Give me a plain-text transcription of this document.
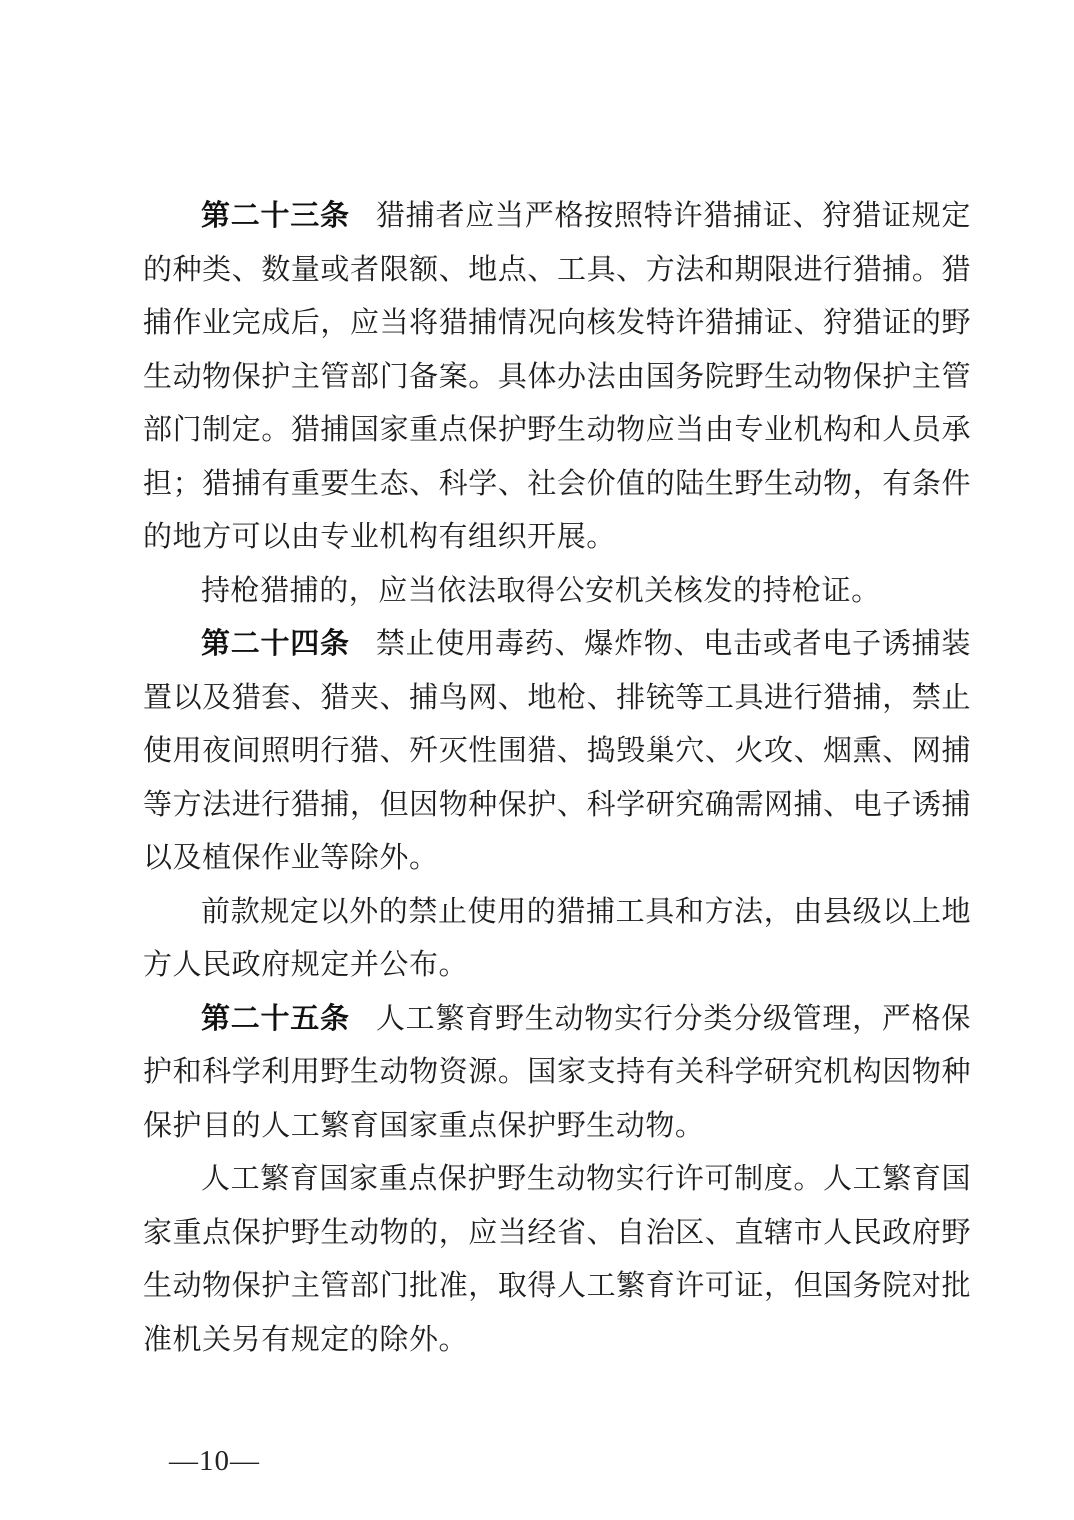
第二十三条 猎捕者应当严格按照特许猎捕证、狩猎证规定的种类、数量或者限额、地点、工具、方法和期限进行猎捕。猎捕作业完成后，应当将猎捕情况向核发特许猎捕证、狩猎证的野生动物保护主管部门备案。具体办法由国务院野生动物保护主管部门制定。猎捕国家重点保护野生动物应当由专业机构和人员承担；猎捕有重要生态、科学、社会价值的陆生野生动物，有条件的地方可以由专业机构有组织开展。

持枪猎捕的，应当依法取得公安机关核发的持枪证。

第二十四条 禁止使用毒药、爆炸物、电击或者电子诱捕装置以及猎套、猎夹、捕鸟网、地枪、排铳等工具进行猎捕，禁止使用夜间照明行猎、歼灭性围猎、捣毁巢穴、火攻、烟熏、网捕等方法进行猎捕，但因物种保护、科学研究确需网捕、电子诱捕以及植保作业等除外。

前款规定以外的禁止使用的猎捕工具和方法，由县级以上地方人民政府规定并公布。

第二十五条 人工繁育野生动物实行分类分级管理，严格保护和科学利用野生动物资源。国家支持有关科学研究机构因物种保护目的人工繁育国家重点保护野生动物。

人工繁育国家重点保护野生动物实行许可制度。人工繁育国家重点保护野生动物的，应当经省、自治区、直辖市人民政府野生动物保护主管部门批准，取得人工繁育许可证，但国务院对批准机关另有规定的除外。

—10—
